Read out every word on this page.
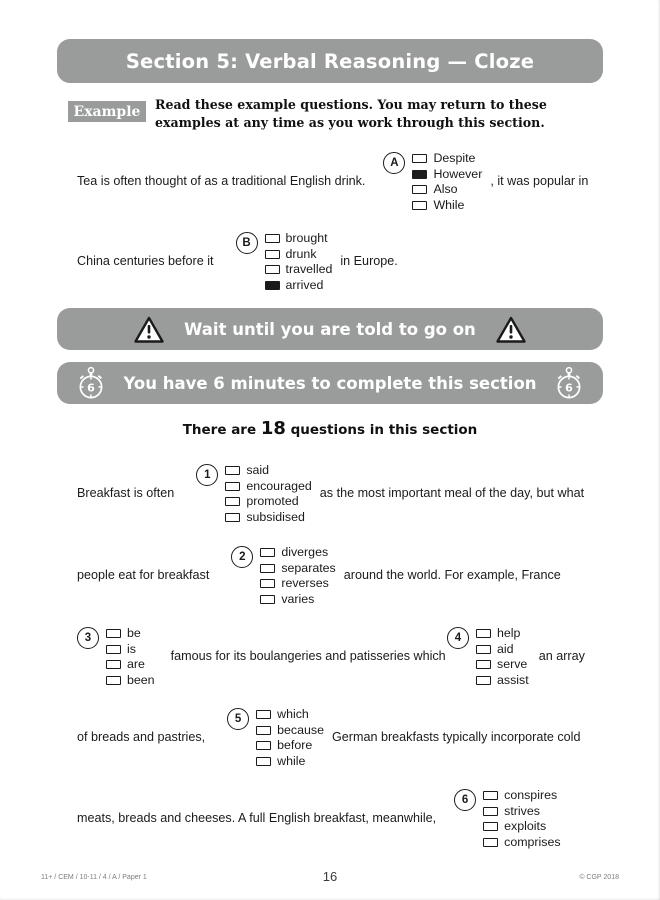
Section 5: Verbal Reasoning — Cloze
Example Read these example questions. You may return to these examples at any time as you work through this section.
Tea is often thought of as a traditional English drink.
A	Despite
However
Also
While
, it was popular in
China centuries before it
B	brought
drunk
travelled
arrived
in Europe.
Wait until you are told to go on
6 You have 6 minutes to complete this section	6
There are 18 questions in this section
Breakfast is often
1	said
encouraged
promoted
subsidised
as the most important meal of the day, but what
people eat for breakfast
2	diverges
separates
reverses
varies
around the world. For example, France
3	be
is
are
been
famous for its boulangeries and patisseries which
4	help
aid
serve
assist
an array
of breads and pastries,
5	which
because
before
while
German breakfasts typically incorporate cold
meats, breads and cheeses. A full English breakfast, meanwhile,
6	conspires
strives
exploits
comprises
11+ / CEM / 10-11 / 4 / A / Paper 1	16	© CGP 2018
